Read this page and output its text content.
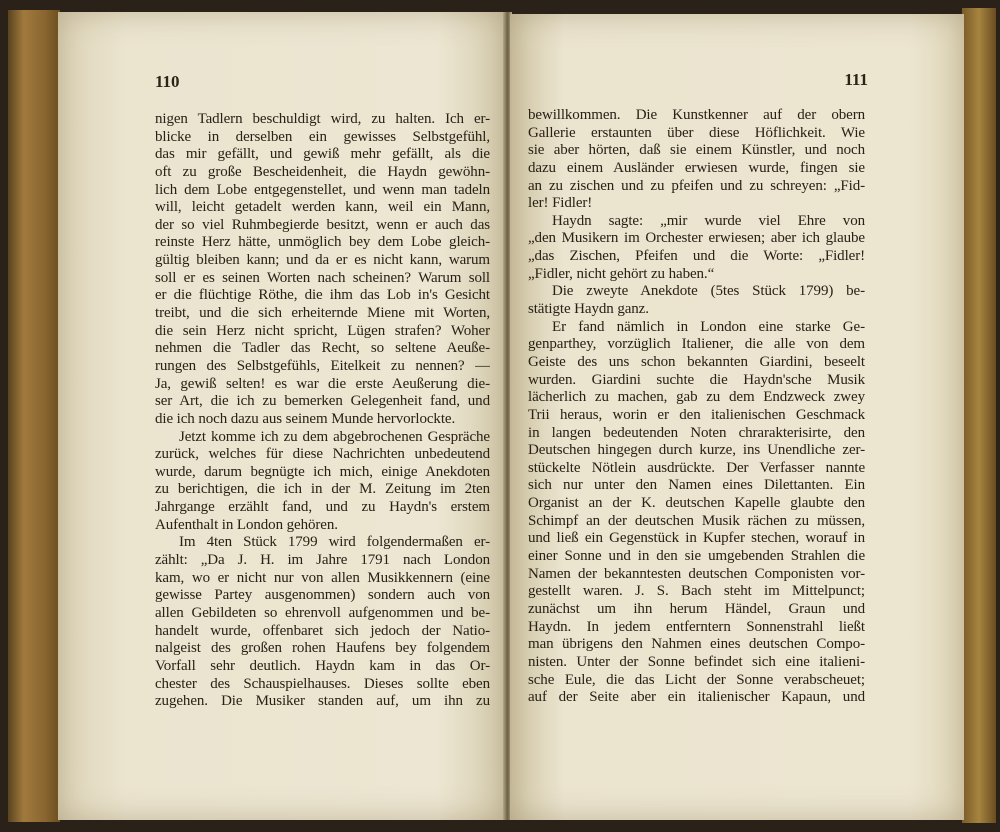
110
nigen Tadlern beschuldigt wird, zu halten. Ich er-
blicke in derselben ein gewisses Selbstgefühl,
das mir gefällt, und gewiß mehr gefällt, als die
oft zu große Bescheidenheit, die Haydn gewöhn-
lich dem Lobe entgegenstellet, und wenn man tadeln
will, leicht getadelt werden kann, weil ein Mann,
der so viel Ruhmbegierde besitzt, wenn er auch das
reinste Herz hätte, unmöglich bey dem Lobe gleich-
gültig bleiben kann; und da er es nicht kann, warum
soll er es seinen Worten nach scheinen? Warum soll
er die flüchtige Röthe, die ihm das Lob in's Gesicht
treibt, und die sich erheiternde Miene mit Worten,
die sein Herz nicht spricht, Lügen strafen? Woher
nehmen die Tadler das Recht, so seltene Aeuße-
rungen des Selbstgefühls, Eitelkeit zu nennen? —
Ja, gewiß selten! es war die erste Aeußerung die-
ser Art, die ich zu bemerken Gelegenheit fand, und
die ich noch dazu aus seinem Munde hervorlockte.
Jetzt komme ich zu dem abgebrochenen Gespräche
zurück, welches für diese Nachrichten unbedeutend
wurde, darum begnügte ich mich, einige Anekdoten
zu berichtigen, die ich in der M. Zeitung im 2ten
Jahrgange erzählt fand, und zu Haydn's erstem
Aufenthalt in London gehören.
Im 4ten Stück 1799 wird folgendermaßen er-
zählt: „Da J. H. im Jahre 1791 nach London
kam, wo er nicht nur von allen Musikkennern (eine
gewisse Partey ausgenommen) sondern auch von
allen Gebildeten so ehrenvoll aufgenommen und be-
handelt wurde, offenbaret sich jedoch der Natio-
nalgeist des großen rohen Haufens bey folgendem
Vorfall sehr deutlich. Haydn kam in das Or-
chester des Schauspielhauses. Dieses sollte eben
zugehen. Die Musiker standen auf, um ihn zu
111
bewillkommen. Die Kunstkenner auf der obern
Gallerie erstaunten über diese Höflichkeit. Wie
sie aber hörten, daß sie einem Künstler, und noch
dazu einem Ausländer erwiesen wurde, fingen sie
an zu zischen und zu pfeifen und zu schreyen: „Fid-
ler! Fidler!
Haydn sagte: „mir wurde viel Ehre von
„den Musikern im Orchester erwiesen; aber ich glaube
„das Zischen, Pfeifen und die Worte: „Fidler!
„Fidler, nicht gehört zu haben.“
Die zweyte Anekdote (5tes Stück 1799) be-
stätigte Haydn ganz.
Er fand nämlich in London eine starke Ge-
genparthey, vorzüglich Italiener, die alle von dem
Geiste des uns schon bekannten Giardini, beseelt
wurden. Giardini suchte die Haydn'sche Musik
lächerlich zu machen, gab zu dem Endzweck zwey
Trii heraus, worin er den italienischen Geschmack
in langen bedeutenden Noten chrarakterisirte, den
Deutschen hingegen durch kurze, ins Unendliche zer-
stückelte Nötlein ausdrückte. Der Verfasser nannte
sich nur unter den Namen eines Dilettanten. Ein
Organist an der K. deutschen Kapelle glaubte den
Schimpf an der deutschen Musik rächen zu müssen,
und ließ ein Gegenstück in Kupfer stechen, worauf in
einer Sonne und in den sie umgebenden Strahlen die
Namen der bekanntesten deutschen Componisten vor-
gestellt waren. J. S. Bach steht im Mittelpunct;
zunächst um ihn herum Händel, Graun und
Haydn. In jedem entferntern Sonnenstrahl ließt
man übrigens den Nahmen eines deutschen Compo-
nisten. Unter der Sonne befindet sich eine italieni-
sche Eule, die das Licht der Sonne verabscheuet;
auf der Seite aber ein italienischer Kapaun, und
